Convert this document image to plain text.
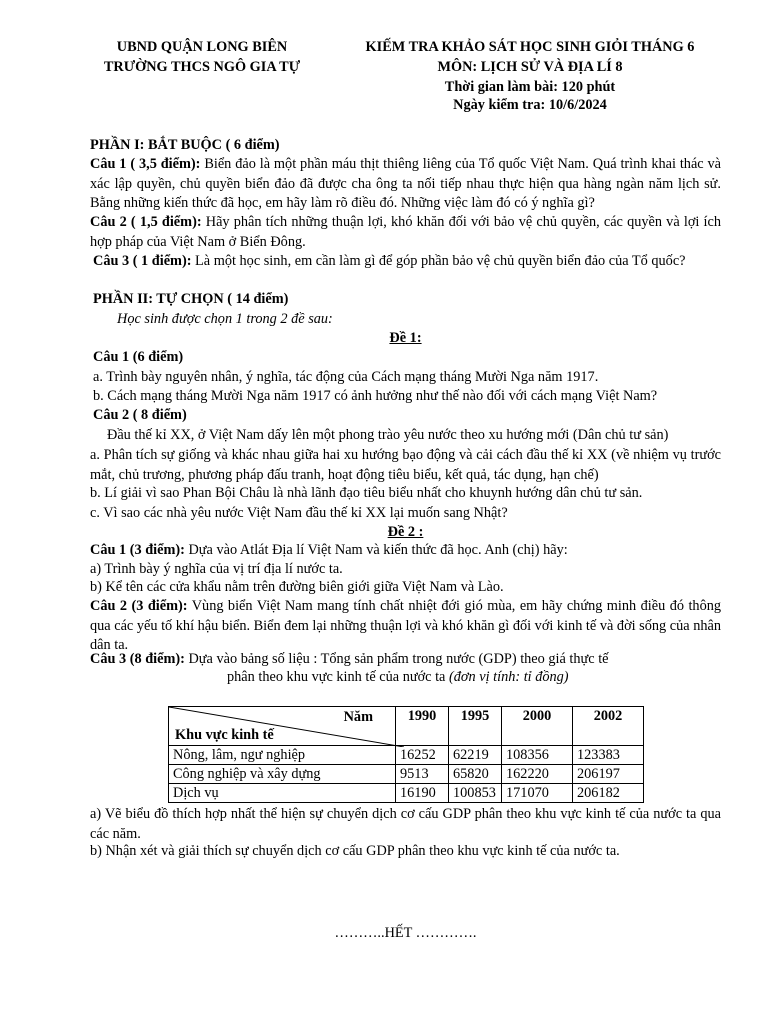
UBND QUẬN LONG BIÊN
TRƯỜNG THCS NGÔ GIA TỰ
KIẾM TRA KHẢO SÁT HỌC SINH GIỎI THÁNG 6
MÔN: LỊCH SỬ VÀ ĐỊA LÍ 8
Thời gian làm bài: 120 phút
Ngày kiểm tra: 10/6/2024
PHẦN I: BẮT BUỘC ( 6 điểm)
Câu 1 ( 3,5 điểm): Biển đảo là một phần máu thịt thiêng liêng của Tổ quốc Việt Nam. Quá trình khai thác và xác lập quyền, chủ quyền biển đảo đã được cha ông ta nối tiếp nhau thực hiện qua hàng ngàn năm lịch sử. Bằng những kiến thức đã học, em hãy làm rõ điều đó. Những việc làm đó có ý nghĩa gì?
Câu 2 ( 1,5 điểm): Hãy phân tích những thuận lợi, khó khăn đối với bảo vệ chủ quyền, các quyền và lợi ích hợp pháp của Việt Nam ở Biển Đông.
Câu 3 ( 1 điểm): Là một học sinh, em cần làm gì để góp phần bảo vệ chủ quyền biển đảo của Tổ quốc?
PHẦN II: TỰ CHỌN ( 14 điểm)
Học sinh được chọn 1 trong 2 đề sau:
Đề 1:
Câu 1 (6 điểm)
a. Trình bày nguyên nhân, ý nghĩa, tác động của Cách mạng tháng Mười Nga năm 1917.
b. Cách mạng tháng Mười Nga năm 1917 có ảnh hưởng như thế nào đối với cách mạng Việt Nam?
Câu 2 ( 8 điểm)
Đầu thế kỉ XX, ở Việt Nam dấy lên một phong trào yêu nước theo xu hướng mới (Dân chủ tư sản)
a. Phân tích sự giống và khác nhau giữa hai xu hướng bạo động và cải cách đầu thế kỉ XX (về nhiệm vụ trước mắt, chủ trương, phương pháp đấu tranh, hoạt động tiêu biểu, kết quả, tác dụng, hạn chế)
b. Lí giải vì sao Phan Bội Châu là nhà lãnh đạo tiêu biểu nhất cho khuynh hướng dân chủ tư sản.
c. Vì sao các nhà yêu nước Việt Nam đầu thế kỉ XX lại muốn sang Nhật?
Đề 2 :
Câu 1 (3 điểm): Dựa vào Atlát Địa lí Việt Nam và kiến thức đã học. Anh (chị) hãy:
a) Trình bày ý nghĩa của vị trí địa lí nước ta.
b) Kể tên các cửa khẩu nằm trên đường biên giới giữa Việt Nam và Lào.
Câu 2 (3 điểm): Vùng biển Việt Nam mang tính chất nhiệt đới gió mùa, em hãy chứng minh điều đó thông qua các yếu tố khí hậu biển. Biển đem lại những thuận lợi và khó khăn gì đối với kinh tế và đời sống của nhân dân ta.
Câu 3 (8 điểm): Dựa vào bảng số liệu : Tổng sản phẩm trong nước (GDP) theo giá thực tế
phân theo khu vực kinh tế của nước ta (đơn vị tính: tỉ đồng)
Năm
Khu vực kinh tế	1990	1995	2000	2002
Nông, lâm, ngư nghiệp	16252	62219	108356	123383
Công nghiệp và xây dựng	9513	65820	162220	206197
Dịch vụ	16190	100853	171070	206182
a) Vẽ biểu đồ thích hợp nhất thể hiện sự chuyển dịch cơ cấu GDP phân theo khu vực kinh tế của nước ta qua các năm.
b) Nhận xét và giải thích sự chuyển dịch cơ cấu GDP phân theo khu vực kinh tế của nước ta.
………..HẾT ………….
